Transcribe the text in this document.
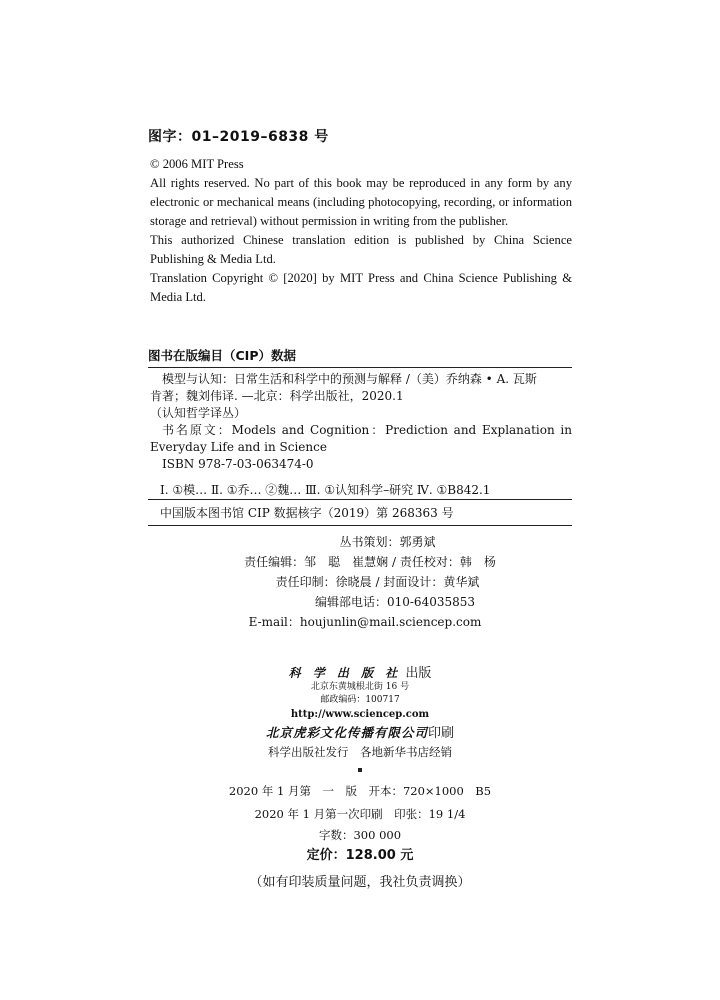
图字：01–2019–6838 号

© 2006 MIT Press

All rights reserved. No part of this book may be reproduced in any form by any electronic or mechanical means (including photocopying, recording, or information storage and retrieval) without permission in writing from the publisher.

This authorized Chinese translation edition is published by China Science Publishing & Media Ltd.

Translation Copyright © [2020] by MIT Press and China Science Publishing & Media Ltd.

图书在版编目（CIP）数据
模型与认知：日常生活和科学中的预测与解释 /（美）乔纳森 • A. 瓦斯
肯著；魏刘伟译. —北京：科学出版社，2020.1
（认知哲学译丛）
书名原文：Models and Cognition：Prediction and Explanation in Everyday Life and in Science
ISBN 978-7-03-063474-0
Ⅰ. ①模… Ⅱ. ①乔… ②魏… Ⅲ. ①认知科学–研究 Ⅳ. ①B842.1
中国版本图书馆 CIP 数据核字（2019）第 268363 号
丛书策划：郭勇斌
责任编辑：邹　聪　崔慧娴 / 责任校对：韩　杨
责任印制：徐晓晨 / 封面设计：黄华斌
编辑部电话：010-64035853
E-mail：houjunlin@mail.sciencep.com
科 学 出 版 社 出版
北京东黄城根北街 16 号
邮政编码：100717
http://www.sciencep.com
北京虎彩文化传播有限公司印刷
科学出版社发行　各地新华书店经销
2020 年 1 月第　一　版　开本：720×1000　B5
2020 年 1 月第一次印刷　印张：19 1/4
字数：300 000
定价：128.00 元
（如有印装质量问题，我社负责调换）
